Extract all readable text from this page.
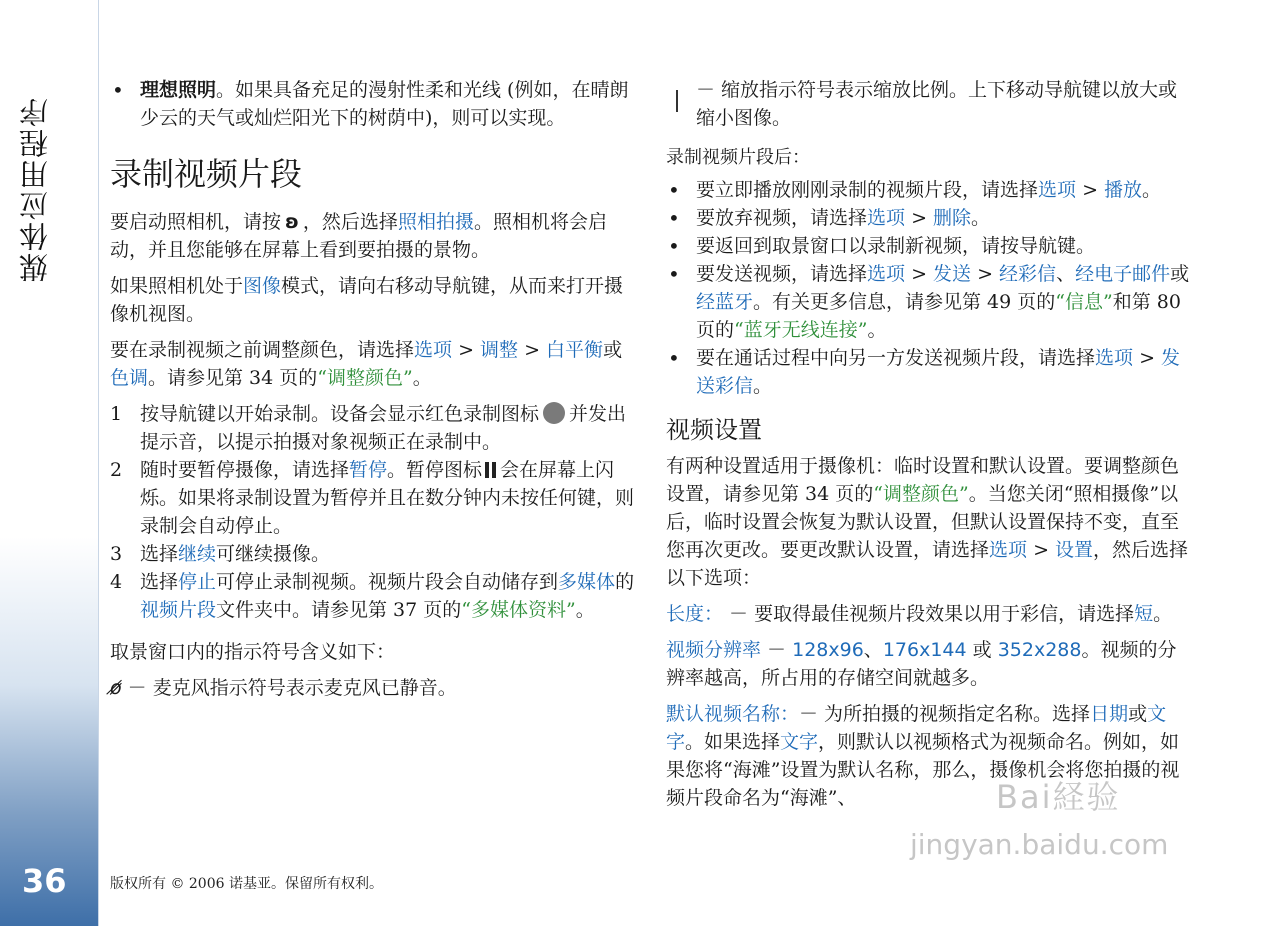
媒体应用程序
36
• 理想照明。如果具备充足的漫射性柔和光线 (例如，在晴朗少云的天气或灿烂阳光下的树荫中)，则可以实现。
录制视频片段

要启动照相机，请按 ʚ ，然后选择照相拍摄。照相机将会启动，并且您能够在屏幕上看到要拍摄的景物。

如果照相机处于图像模式，请向右移动导航键，从而来打开摄像机视图。

要在录制视频之前调整颜色，请选择选项 > 调整 > 白平衡或色调。请参见第 34 页的“调整颜色”。

1 按导航键以开始录制。设备会显示红色录制图标 并发出提示音，以提示拍摄对象视频正在录制中。
2 随时要暂停摄像，请选择暂停。暂停图标 会在屏幕上闪烁。如果将录制设置为暂停并且在数分钟内未按任何键，则录制会自动停止。
3 选择继续可继续摄像。
4 选择停止可停止录制视频。视频片段会自动储存到多媒体的视频片段文件夹中。请参见第 37 页的“多媒体资料”。

取景窗口内的指示符号含义如下：

ø̸ － 麦克风指示符号表示麦克风已静音。

－ 缩放指示符号表示缩放比例。上下移动导航键以放大或缩小图像。

录制视频片段后：
• 要立即播放刚刚录制的视频片段，请选择选项 > 播放。
• 要放弃视频，请选择选项 > 删除。
• 要返回到取景窗口以录制新视频，请按导航键。
• 要发送视频，请选择选项 > 发送 > 经彩信、经电子邮件或经蓝牙。有关更多信息，请参见第 49 页的“信息”和第 80 页的“蓝牙无线连接”。
• 要在通话过程中向另一方发送视频片段，请选择选项 > 发送彩信。
视频设置

有两种设置适用于摄像机：临时设置和默认设置。要调整颜色设置，请参见第 34 页的“调整颜色”。当您关闭“照相摄像”以后，临时设置会恢复为默认设置，但默认设置保持不变，直至您再次更改。要更改默认设置，请选择选项 > 设置，然后选择以下选项：

长度： － 要取得最佳视频片段效果以用于彩信，请选择短。

视频分辨率 － 128x96、176x144 或 352x288。视频的分辨率越高，所占用的存储空间就越多。

默认视频名称：－ 为所拍摄的视频指定名称。选择日期或文字。如果选择文字，则默认以视频格式为视频命名。例如，如果您将“海滩”设置为默认名称，那么，摄像机会将您拍摄的视频片段命名为“海滩”、

版权所有 © 2006 诺基亚。保留所有权利。
Bai経验
jingyan.baidu.com
